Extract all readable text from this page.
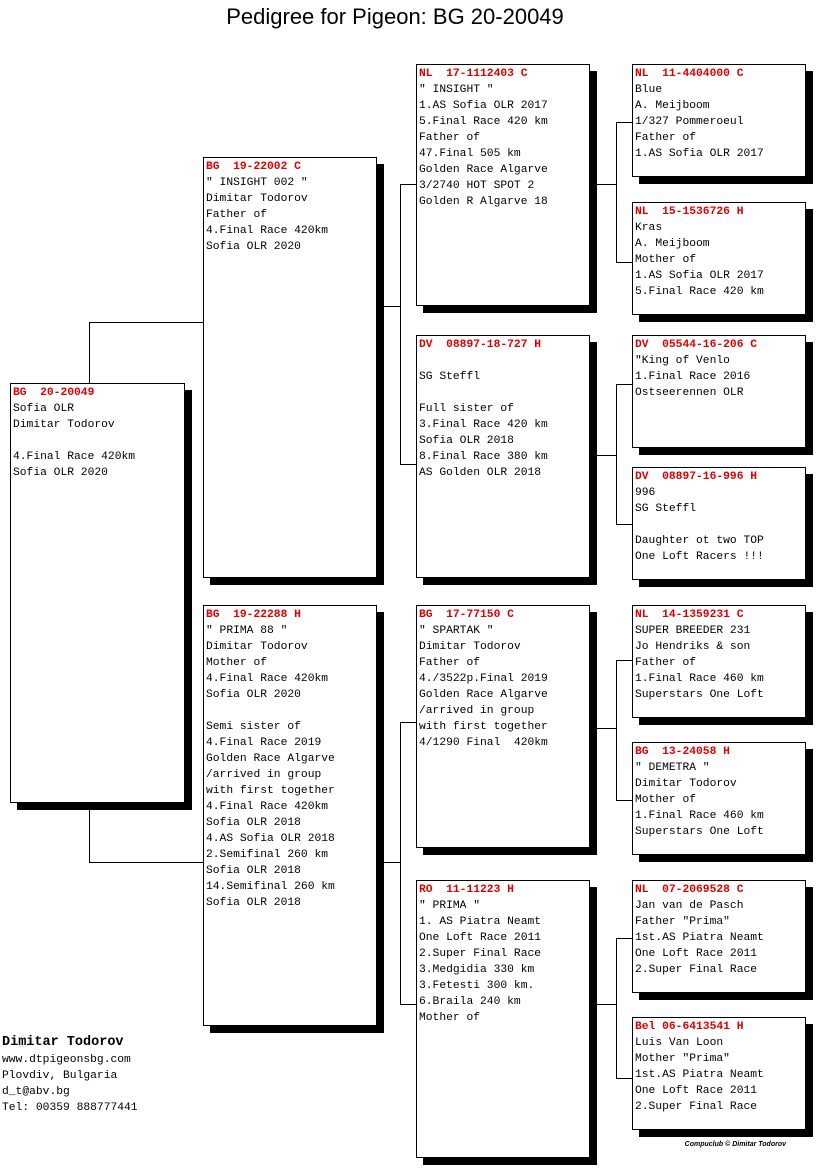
Pedigree for Pigeon: BG 20-20049
BG  20-20049
Sofia OLR
Dimitar Todorov
4.Final Race 420km
Sofia OLR 2020
BG  19-22002 C
" INSIGHT 002 "
Dimitar Todorov
Father of
4.Final Race 420km
Sofia OLR 2020
BG  19-22288 H
" PRIMA 88 "
Dimitar Todorov
Mother of
4.Final Race 420km
Sofia OLR 2020
Semi sister of
4.Final Race 2019
Golden Race Algarve
/arrived in group
with first together
4.Final Race 420km
Sofia OLR 2018
4.AS Sofia OLR 2018
2.Semifinal 260 km
Sofia OLR 2018
14.Semifinal 260 km
Sofia OLR 2018
NL  17-1112403 C
" INSIGHT "
1.AS Sofia OLR 2017
5.Final Race 420 km
Father of
47.Final 505 km
Golden Race Algarve
3/2740 HOT SPOT 2
Golden R Algarve 18
DV  08897-18-727 H
SG Steffl
Full sister of
3.Final Race 420 km
Sofia OLR 2018
8.Final Race 380 km
AS Golden OLR 2018
BG  17-77150 C
" SPARTAK "
Dimitar Todorov
Father of
4./3522p.Final 2019
Golden Race Algarve
/arrived in group
with first together
4/1290 Final  420km
RO  11-11223 H
" PRIMA "
1. AS Piatra Neamt
One Loft Race 2011
2.Super Final Race
3.Medgidia 330 km
3.Fetesti 300 km.
6.Braila 240 km
Mother of
NL  11-4404000 C
Blue
A. Meijboom
1/327 Pommeroeul
Father of
1.AS Sofia OLR 2017
NL  15-1536726 H
Kras
A. Meijboom
Mother of
1.AS Sofia OLR 2017
5.Final Race 420 km
DV  05544-16-206 C
"King of Venlo
1.Final Race 2016
Ostseerennen OLR
DV  08897-16-996 H
996
SG Steffl
Daughter ot two TOP
One Loft Racers !!!
NL  14-1359231 C
SUPER BREEDER 231
Jo Hendriks & son
Father of
1.Final Race 460 km
Superstars One Loft
BG  13-24058 H
" DEMETRA "
Dimitar Todorov
Mother of
1.Final Race 460 km
Superstars One Loft
NL  07-2069528 C
Jan van de Pasch
Father "Prima"
1st.AS Piatra Neamt
One Loft Race 2011
2.Super Final Race
Bel 06-6413541 H
Luis Van Loon
Mother "Prima"
1st.AS Piatra Neamt
One Loft Race 2011
2.Super Final Race
Dimitar Todorov
www.dtpigeonsbg.com
Plovdiv, Bulgaria
d_t@abv.bg
Tel: 00359 888777441
Compuclub © Dimitar Todorov
